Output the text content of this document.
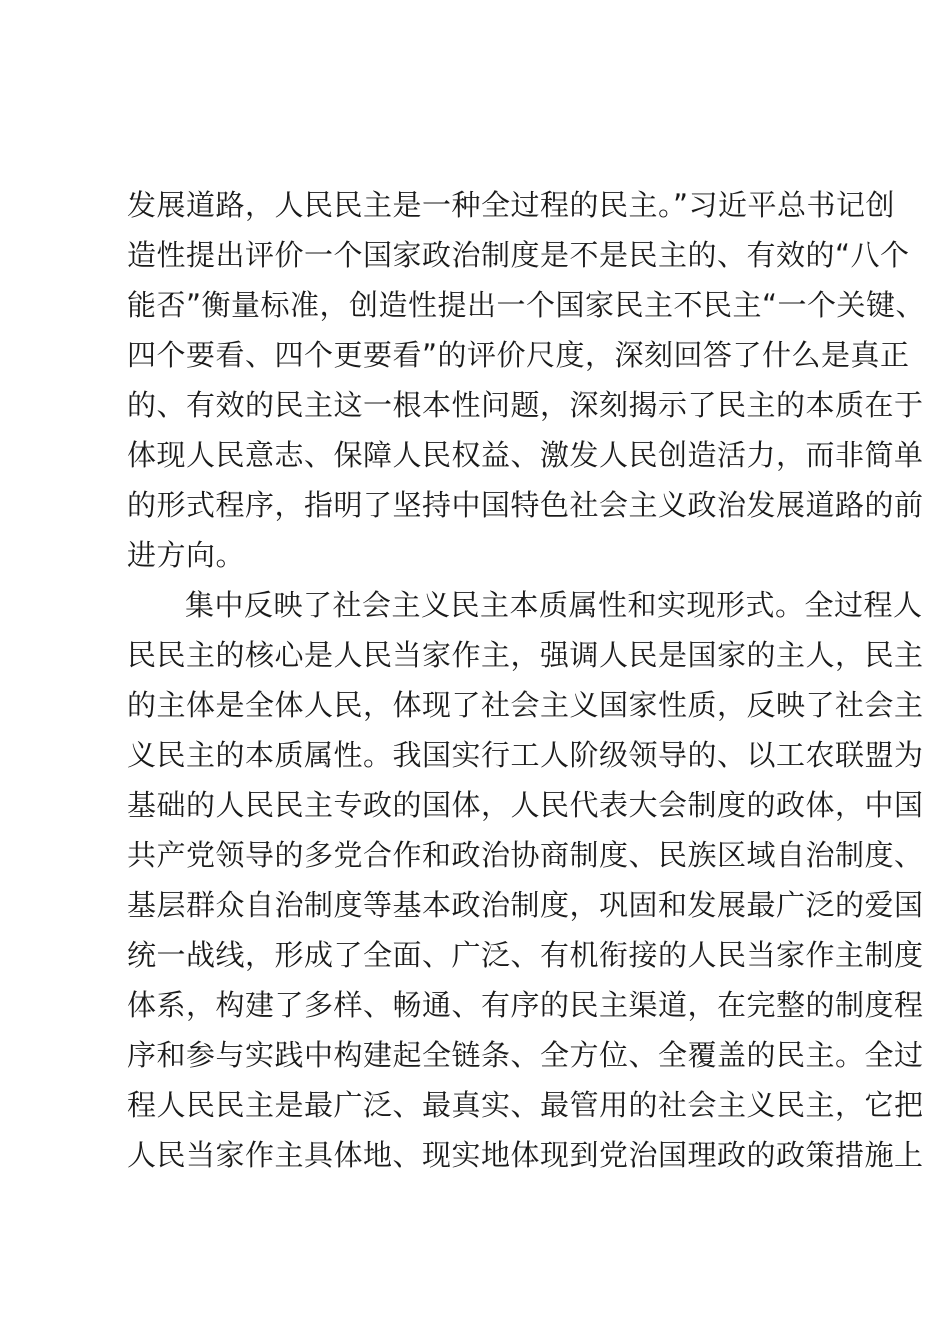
发展道路，人民民主是一种全过程的民主。”习近平总书记创
造性提出评价一个国家政治制度是不是民主的、有效的“八个
能否”衡量标准，创造性提出一个国家民主不民主“一个关键、
四个要看、四个更要看”的评价尺度，深刻回答了什么是真正
的、有效的民主这一根本性问题，深刻揭示了民主的本质在于
体现人民意志、保障人民权益、激发人民创造活力，而非简单
的形式程序，指明了坚持中国特色社会主义政治发展道路的前
进方向。
集中反映了社会主义民主本质属性和实现形式。全过程人
民民主的核心是人民当家作主，强调人民是国家的主人，民主
的主体是全体人民，体现了社会主义国家性质，反映了社会主
义民主的本质属性。我国实行工人阶级领导的、以工农联盟为
基础的人民民主专政的国体，人民代表大会制度的政体，中国
共产党领导的多党合作和政治协商制度、民族区域自治制度、
基层群众自治制度等基本政治制度，巩固和发展最广泛的爱国
统一战线，形成了全面、广泛、有机衔接的人民当家作主制度
体系，构建了多样、畅通、有序的民主渠道，在完整的制度程
序和参与实践中构建起全链条、全方位、全覆盖的民主。全过
程人民民主是最广泛、最真实、最管用的社会主义民主，它把
人民当家作主具体地、现实地体现到党治国理政的政策措施上
